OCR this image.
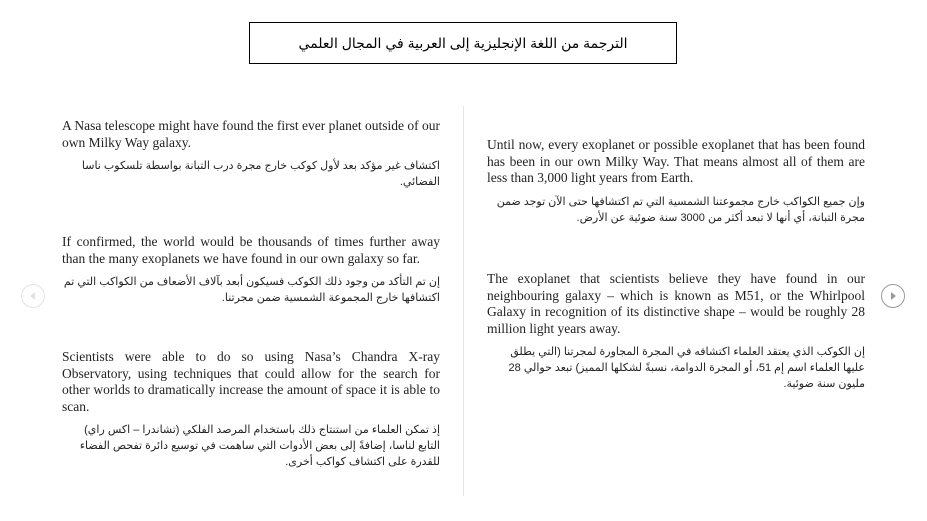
الترجمة من اللغة الإنجليزية إلى العربية في المجال العلمي

A Nasa telescope might have found the first ever planet outside of our own Milky Way galaxy.

اكتشاف غير مؤكد بعد لأول كوكب خارج مجرة درب التبانة بواسطة تلسكوب ناسا الفضائي.

If confirmed, the world would be thousands of times further away than the many exoplanets we have found in our own galaxy so far.

إن تم التأكد من وجود ذلك الكوكب فسيكون أبعد بآلاف الأضعاف من الكواكب التي تم اكتشافها خارج المجموعة الشمسية ضمن مجرتنا.

Scientists were able to do so using Nasa’s Chandra X-ray Observatory, using techniques that could allow for the search for other worlds to dramatically increase the amount of space it is able to scan.

إذ تمكن العلماء من استنتاج ذلك باستخدام المرصد الفلكي (تشاندرا – اكس راي) التابع لناسا، إضافةً إلى بعض الأدوات التي ساهمت في توسيع دائرة تفحص الفضاء للقدرة على اكتشاف كواكب أخرى.

Until now, every exoplanet or possible exoplanet that has been found has been in our own Milky Way. That means almost all of them are less than 3,000 light years from Earth.

وإن جميع الكواكب خارج مجموعتنا الشمسية التي تم اكتشافها حتى الآن توجد ضمن مجرة التبانة، أي أنها لا تبعد أكثر من 3000 سنة ضوئية عن الأرض.

The exoplanet that scientists believe they have found in our neighbouring galaxy – which is known as M51, or the Whirlpool Galaxy in recognition of its distinctive shape – would be roughly 28 million light years away.

إن الكوكب الذي يعتقد العلماء اكتشافه في المجرة المجاورة لمجرتنا (التي يطلق عليها العلماء اسم إم 51، أو المجرة الدوامة، نسبةً لشكلها المميز) تبعد حوالي 28 مليون سنة ضوئية.
